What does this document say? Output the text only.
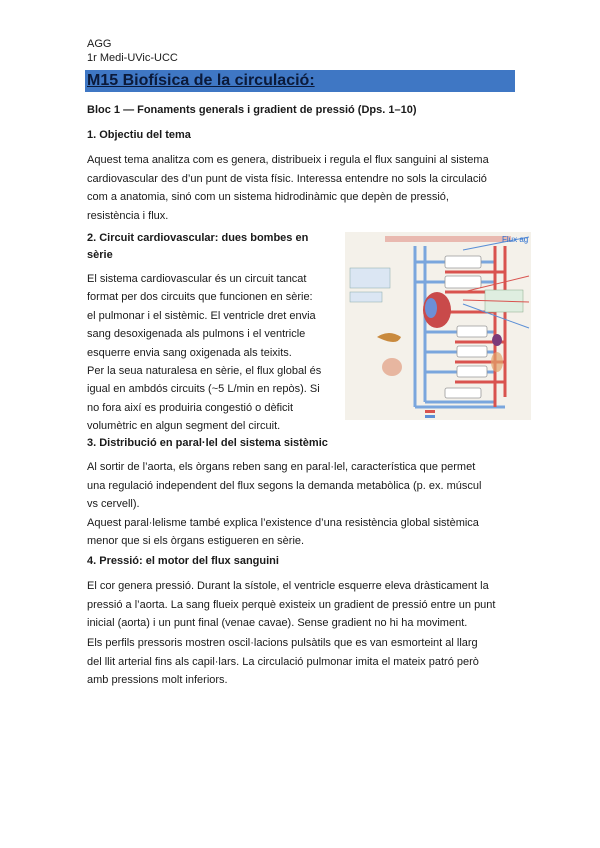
AGG
1r Medi-UVic-UCC
M15 Biofísica de la circulació:
Bloc 1 — Fonaments generals i gradient de pressió (Dps. 1–10)
1. Objectiu del tema
Aquest tema analitza com es genera, distribueix i regula el flux sanguini al sistema
cardiovascular des d’un punt de vista físic. Interessa entendre no sols la circulació
com a anatomia, sinó com un sistema hidrodinàmic que depèn de pressió,
resistència i flux.
2. Circuit cardiovascular: dues bombes en
sèrie
El sistema cardiovascular és un circuit tancat
format per dos circuits que funcionen en sèrie:
el pulmonar i el sistèmic. El ventricle dret envia
sang desoxigenada als pulmons i el ventricle
esquerre envia sang oxigenada als teixits.
Per la seua naturalesa en sèrie, el flux global és
igual en ambdós circuits (~5 L/min en repòs). Si
no fora així es produiria congestió o dèficit
volumètric en algun segment del circuit.
Flux ag
3. Distribució en paral·lel del sistema sistèmic
Al sortir de l’aorta, els òrgans reben sang en paral·lel, característica que permet
una regulació independent del flux segons la demanda metabòlica (p. ex. múscul
vs cervell).
Aquest paral·lelisme també explica l’existence d’una resistència global sistèmica
menor que si els òrgans estigueren en sèrie.
4. Pressió: el motor del flux sanguini
El cor genera pressió. Durant la sístole, el ventricle esquerre eleva dràsticament la
pressió a l’aorta. La sang flueix perquè existeix un gradient de pressió entre un punt
inicial (aorta) i un punt final (venae cavae). Sense gradient no hi ha moviment.
Els perfils pressoris mostren oscil·lacions pulsàtils que es van esmorteint al llarg
del llit arterial fins als capil·lars. La circulació pulmonar imita el mateix patró però
amb pressions molt inferiors.
